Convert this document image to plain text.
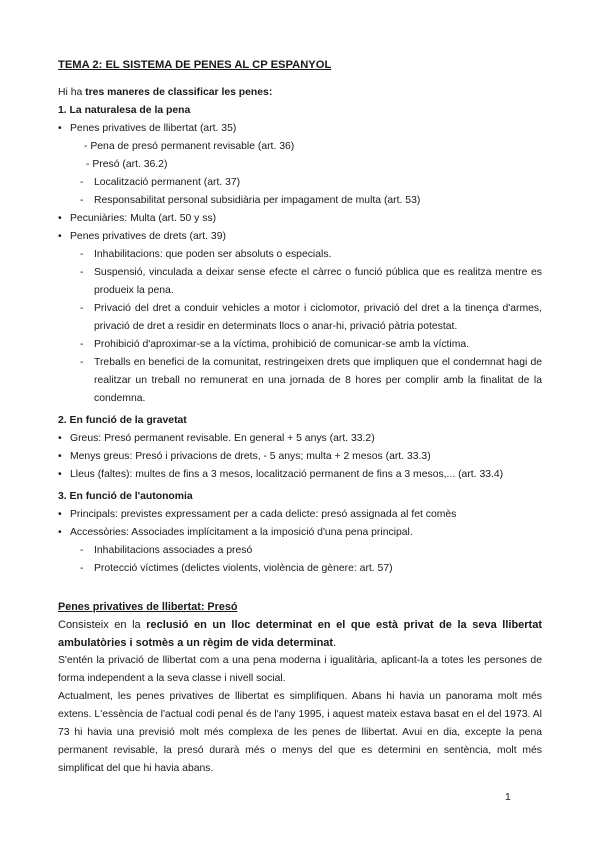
TEMA 2: EL SISTEMA DE PENES AL CP ESPANYOL

Hi ha tres maneres de classificar les penes:

1. La naturalesa de la pena

• Penes privatives de llibertat (art. 35)
- Pena de presó permanent revisable (art. 36)
- Presó (art. 36.2)
- Localització permanent (art. 37)
- Responsabilitat personal subsidiària per impagament de multa (art. 53)
• Pecuniàries: Multa (art. 50 y ss)
• Penes privatives de drets (art. 39)
- Inhabilitacions: que poden ser absoluts o especials.
- Suspensió, vinculada a deixar sense efecte el càrrec o funció pública que es realitza mentre es produeix la pena.
- Privació del dret a conduir vehicles a motor i ciclomotor, privació del dret a la tinença d'armes, privació de dret a residir en determinats llocs o anar-hi, privació pàtria potestat.
- Prohibició d'aproximar-se a la víctima, prohibició de comunicar-se amb la víctima.
- Treballs en benefici de la comunitat, restringeixen drets que impliquen que el condemnat hagi de realitzar un treball no remunerat en una jornada de 8 hores per complir amb la finalitat de la condemna.

2. En funció de la gravetat

• Greus: Presó permanent revisable. En general + 5 anys (art. 33.2)
• Menys greus: Presó i privacions de drets, - 5 anys; multa + 2 mesos (art. 33.3)
• Lleus (faltes): multes de fins a 3 mesos, localització permanent de fins a 3 mesos,... (art. 33.4)

3. En funció de l'autonomia

• Principals: previstes expressament per a cada delicte: presó assignada al fet comès
• Accessòries: Associades implícitament a la imposició d'una pena principal.
- Inhabilitacions associades a presó
- Protecció víctimes (delictes violents, violència de gènere: art. 57)

Penes privatives de llibertat: Presó

Consisteix en la reclusió en un lloc determinat en el que està privat de la seva llibertat ambulatòries i sotmès a un règim de vida determinat.

S'entén la privació de llibertat com a una pena moderna i igualitària, aplicant-la a totes les persones de forma independent a la seva classe i nivell social.

Actualment, les penes privatives de llibertat es simplifiquen. Abans hi havia un panorama molt més extens. L'essència de l'actual codi penal és de l'any 1995, i aquest mateix estava basat en el del 1973. Al 73 hi havia una previsió molt més complexa de les penes de llibertat. Avui en dia, excepte la pena permanent revisable, la presó durarà més o menys del que es determini en sentència, molt més simplificat del que hi havia abans.

1
